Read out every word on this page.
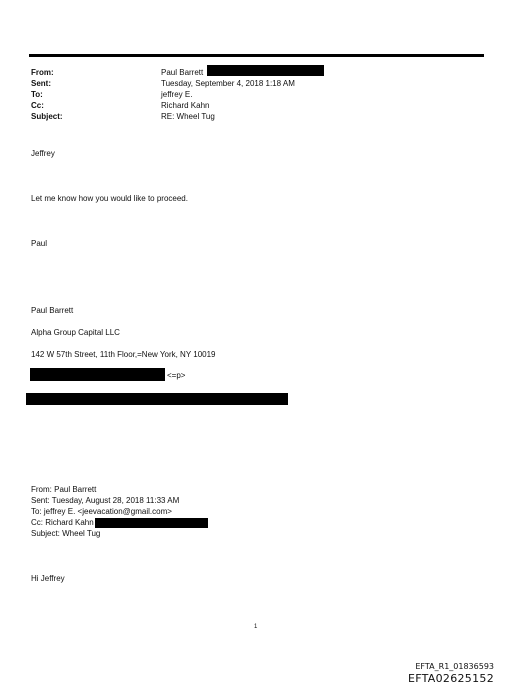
From:	Paul Barrett
Sent:	Tuesday, September 4, 2018 1:18 AM
To:	jeffrey E.
Cc:	Richard Kahn
Subject:	RE: Wheel Tug
Jeffrey
Let me know how you would like to proceed.
Paul
Paul Barrett
Alpha Group Capital LLC
142 W 57th Street, 11th Floor,=New York, NY 10019
<=p>
From: Paul Barrett
Sent: Tuesday, August 28, 2018 11:33 AM
To: jeffrey E. <jeevacation@gmail.com>
Cc: Richard Kahn
Subject: Wheel Tug
Hi Jeffrey
1
EFTA_R1_01836593
EFTA02625152
